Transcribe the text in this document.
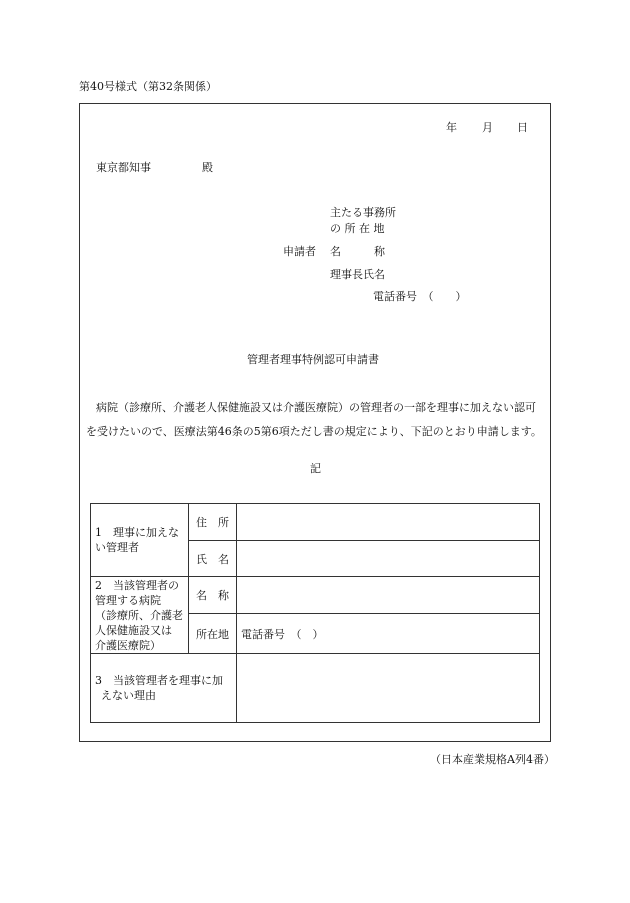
第40号様式（第32条関係）
年 月 日
東京都知事	殿
主たる事務所
の 所 在 地
申請者 名　　　称
理事長氏名
電話番号　（　　）
管理者理事特例認可申請書
病院（診療所、介護老人保健施設又は介護医療院）の管理者の一部を理事に加えない認可
を受けたいので、医療法第46条の5第6項ただし書の規定により、下記のとおり申請します。
記
1　理事に加えな
い管理者	住　所	
	氏　名	

2　当該管理者の
管理する病院
（診療所、介護老
人保健施設又は
介護医療院）	名　称	
	所在地	電話番号　（　）

3　当該管理者を理事に加
えない理由		

（日本産業規格A列4番）
